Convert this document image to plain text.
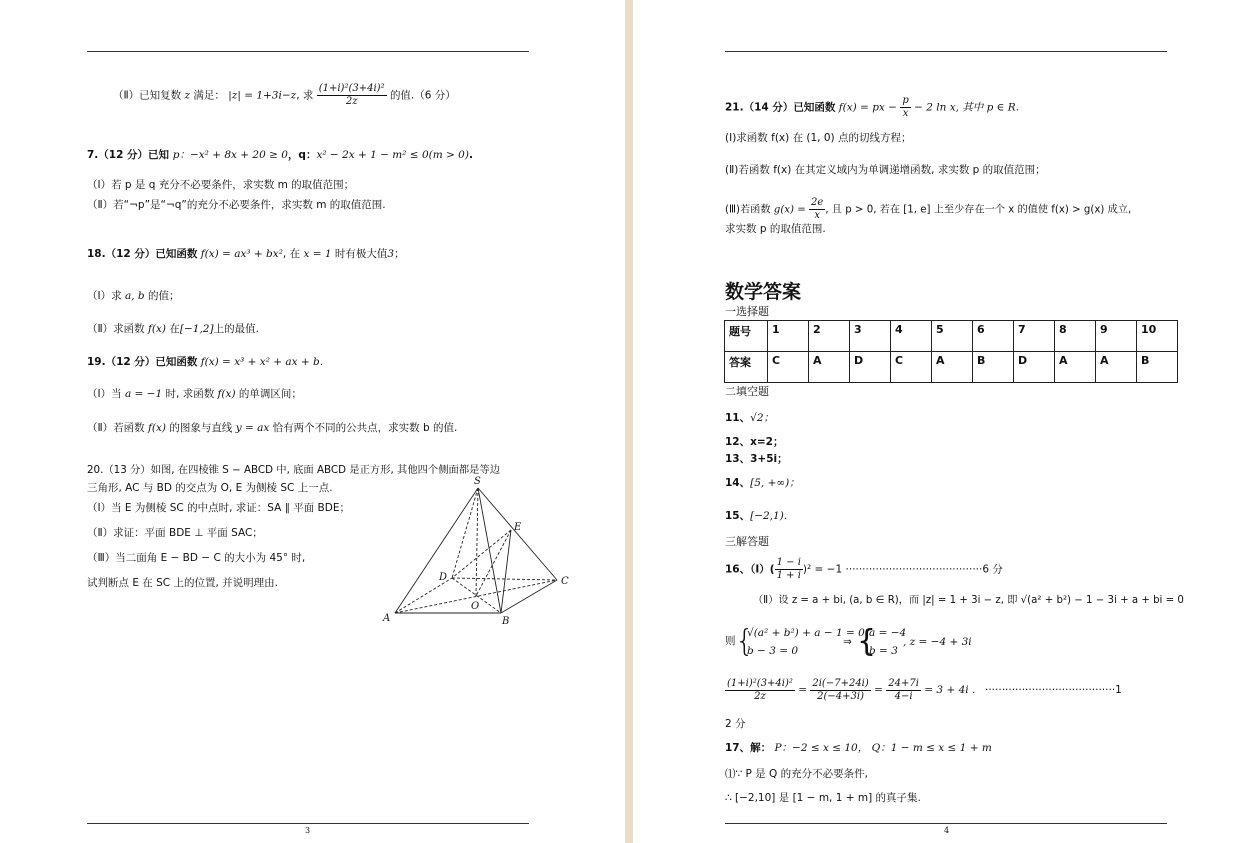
（Ⅱ）已知复数 z 满足： |z| = 1+3i−z, 求 $\frac{\text{(1+i)²(3+4i)²}}{2z}$ 的值.（6 分）
7.（12 分）已知 p：−x² + 8x + 20 ≥ 0，q：x² − 2x + 1 − m² ≤ 0(m > 0).
（Ⅰ）若 p 是 q 充分不必要条件，求实数 m 的取值范围；
（Ⅱ）若“¬p”是“¬q”的充分不必要条件，求实数 m 的取值范围.
18.（12 分）已知函数 f(x) = ax³ + bx², 在 x = 1 时有极大值3；
（Ⅰ）求 a, b 的值；
（Ⅱ）求函数 f(x) 在[−1,2]上的最值.
19.（12 分）已知函数 f(x) = x³ + x² + ax + b.
（Ⅰ）当 a = −1 时, 求函数 f(x) 的单调区间；
（Ⅱ）若函数 f(x) 的图象与直线 y = ax 恰有两个不同的公共点，求实数 b 的值.
20.（13 分）如图, 在四棱锥 S − ABCD 中, 底面 ABCD 是正方形, 其他四个侧面都是等边
三角形, AC 与 BD 的交点为 O, E 为侧棱 SC 上一点.
（Ⅰ）当 E 为侧棱 SC 的中点时, 求证：SA ∥ 平面 BDE；
（Ⅱ）求证：平面 BDE ⊥ 平面 SAC；
（Ⅲ）当二面角 E − BD − C 的大小为 45° 时,
试判断点 E 在 SC 上的位置, 并说明理由.
S
E
D	C
O
A	B
3
21.（14 分）已知函数 f(x) = px − $\frac{p}{x} - 2$ ln x, 其中 p ∈ R.
(Ⅰ)求函数 f(x) 在 (1, 0) 点的切线方程；
(Ⅱ)若函数 f(x) 在其定义域内为单调递增函数, 求实数 p 的取值范围；
(Ⅲ)若函数 $g(x) = \frac{2e}{x}$ , 且 p > 0, 若在 [1, e] 上至少存在一个 x 的值使 f(x) > g(x) 成立,
求实数 p 的取值范围.
数学答案
一选择题
题号	1	2	3	4	5	6	7	8	9	10
答案	C	A	D	C	A	B	D	A	A	B
二填空题
11、√2；
12、x=2；
13、3+5i；
14、[5, +∞)；
15、[−2,1).
三解答题
16、（Ⅰ）( $\frac{1 - i}{1 + i} )^2 = -1 \cdot\cdot\cdot\cdot\cdot\cdot\cdot\cdot\cdot\cdot\cdot\cdot\cdot\cdot\cdot\cdot\cdot\cdot\cdot\cdot\cdot\cdot\cdot\cdot\cdot\cdot\cdot\cdot\cdot\cdot\cdot\cdot\cdot\cdot\cdot\cdot\cdot\cdot\cdot\cdot\cdot 6$ 分
（Ⅱ）设 z = a + bi, (a, b ∈ R)，而 |z| = 1 + 3i − z, 即 √(a² + b²) − 1 − 3i + a + bi = 0
则 {
√(a² + b²) + a − 1 = 0
b − 3 = 0
⇒ {
a = −4
b = 3
, z = −4 + 3i
$\frac{\text{(1+i)²(3+4i)²}}{2z} = \frac{2i(-7+24i)}{2(-4+3i)} = \frac{24+7i}{4-i} = 3 + 4i$ . ·······································1
2 分
17、解： P：−2 ≤ x ≤ 10， Q：1 − m ≤ x ≤ 1 + m
⑴∵ P 是 Q 的充分不必要条件,
∴ [−2,10] 是 [1 − m, 1 + m] 的真子集.
4
